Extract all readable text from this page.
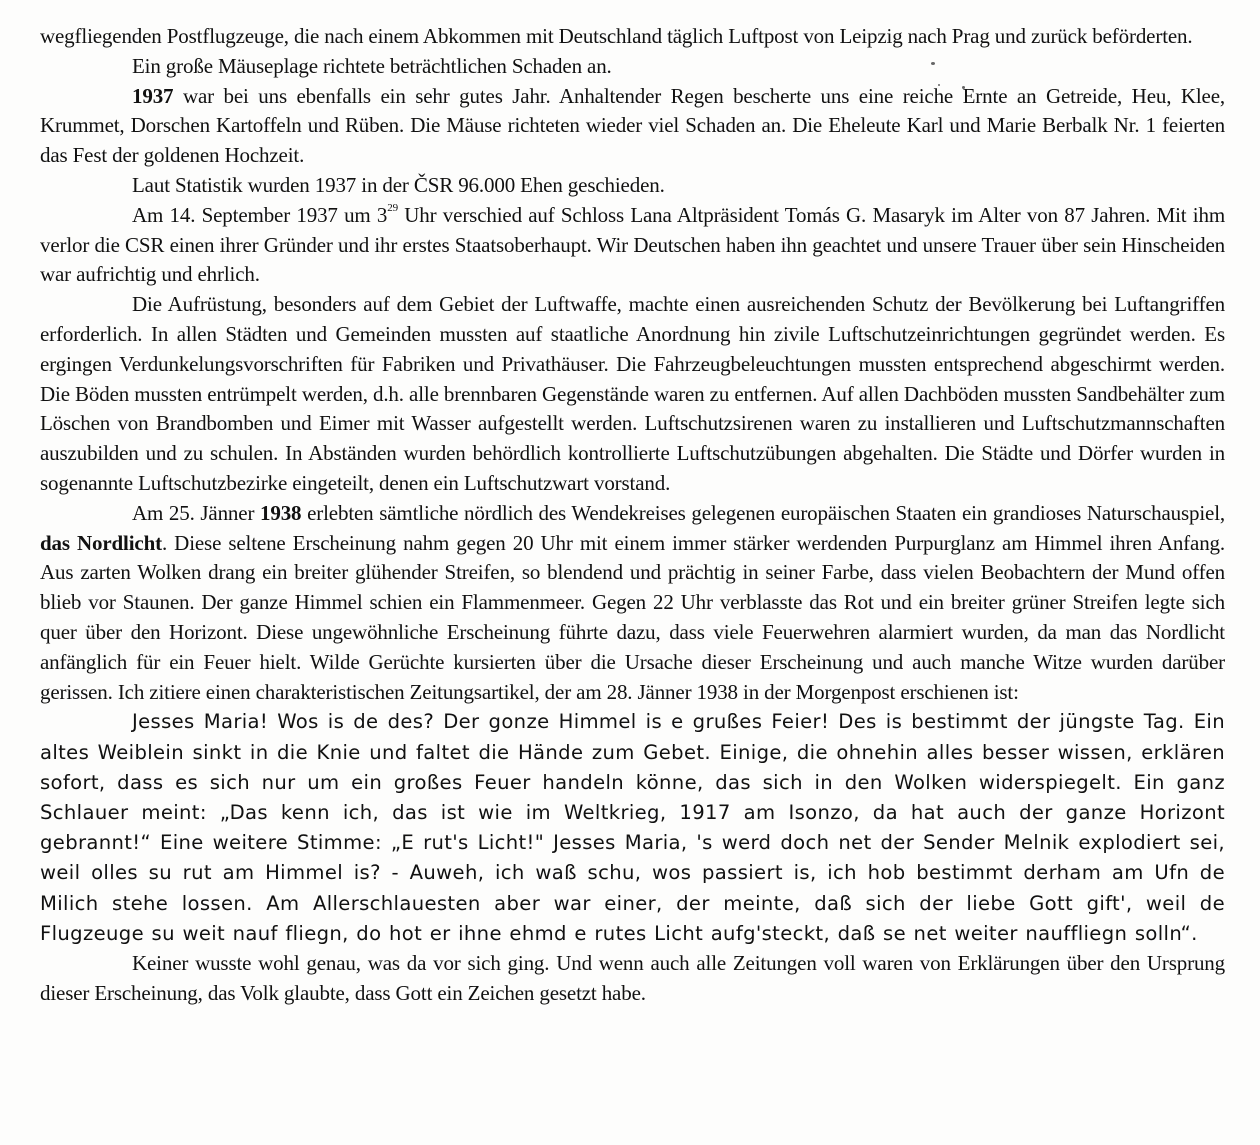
wegfliegenden Postflugzeuge, die nach einem Abkommen mit Deutschland täglich Luftpost von Leipzig nach Prag und zurück beförderten.

Ein große Mäuseplage richtete beträchtlichen Schaden an.

1937 war bei uns ebenfalls ein sehr gutes Jahr. Anhaltender Regen bescherte uns eine reiche Ernte an Getreide, Heu, Klee, Krummet, Dorschen Kartoffeln und Rüben. Die Mäuse richteten wieder viel Schaden an. Die Eheleute Karl und Marie Berbalk Nr. 1 feierten das Fest der goldenen Hochzeit.

Laut Statistik wurden 1937 in der ČSR 96.000 Ehen geschieden.

Am 14. September 1937 um $3^{29}$ Uhr verschied auf Schloss Lana Altpräsident Tomás G. Masaryk im Alter von 87 Jahren. Mit ihm verlor die CSR einen ihrer Gründer und ihr erstes Staatsoberhaupt. Wir Deutschen haben ihn geachtet und unsere Trauer über sein Hinscheiden war aufrichtig und ehrlich.

Die Aufrüstung, besonders auf dem Gebiet der Luftwaffe, machte einen ausreichenden Schutz der Bevölkerung bei Luftangriffen erforderlich. In allen Städten und Gemeinden mussten auf staatliche Anordnung hin zivile Luftschutzeinrichtungen gegründet werden. Es ergingen Verdunkelungsvorschriften für Fabriken und Privathäuser. Die Fahrzeugbeleuchtungen mussten entsprechend abgeschirmt werden. Die Böden mussten entrümpelt werden, d.h. alle brennbaren Gegenstände waren zu entfernen. Auf allen Dachböden mussten Sandbehälter zum Löschen von Brandbomben und Eimer mit Wasser aufgestellt werden. Luftschutzsirenen waren zu installieren und Luftschutzmannschaften auszubilden und zu schulen. In Abständen wurden behördlich kontrollierte Luftschutzübungen abgehalten. Die Städte und Dörfer wurden in sogenannte Luftschutzbezirke eingeteilt, denen ein Luftschutzwart vorstand.

Am 25. Jänner 1938 erlebten sämtliche nördlich des Wendekreises gelegenen europäischen Staaten ein grandioses Naturschauspiel, das Nordlicht. Diese seltene Erscheinung nahm gegen 20 Uhr mit einem immer stärker werdenden Purpurglanz am Himmel ihren Anfang. Aus zarten Wolken drang ein breiter glühender Streifen, so blendend und prächtig in seiner Farbe, dass vielen Beobachtern der Mund offen blieb vor Staunen. Der ganze Himmel schien ein Flammenmeer. Gegen 22 Uhr verblasste das Rot und ein breiter grüner Streifen legte sich quer über den Horizont. Diese ungewöhnliche Erscheinung führte dazu, dass viele Feuerwehren alarmiert wurden, da man das Nordlicht anfänglich für ein Feuer hielt. Wilde Gerüchte kursierten über die Ursache dieser Erscheinung und auch manche Witze wurden darüber gerissen. Ich zitiere einen charakteristischen Zeitungsartikel, der am 28. Jänner 1938 in der Morgenpost erschienen ist:

Jesses Maria! Wos is de des? Der gonze Himmel is e grußes Feier! Des is bestimmt der jüngste Tag. Ein altes Weiblein sinkt in die Knie und faltet die Hände zum Gebet. Einige, die ohnehin alles besser wissen, erklären sofort, dass es sich nur um ein großes Feuer handeln könne, das sich in den Wolken widerspiegelt. Ein ganz Schlauer meint: „Das kenn ich, das ist wie im Weltkrieg, 1917 am Isonzo, da hat auch der ganze Horizont gebrannt!“ Eine weitere Stimme: „E rut's Licht!" Jesses Maria, 's werd doch net der Sender Melnik explodiert sei, weil olles su rut am Himmel is? - Auweh, ich waß schu, wos passiert is, ich hob bestimmt derham am Ufn de Milich stehe lossen. Am Allerschlauesten aber war einer, der meinte, daß sich der liebe Gott gift', weil de Flugzeuge su weit nauf fliegn, do hot er ihne ehmd e rutes Licht aufg'steckt, daß se net weiter nauffliegn solln“.

Keiner wusste wohl genau, was da vor sich ging. Und wenn auch alle Zeitungen voll waren von Erklärungen über den Ursprung dieser Erscheinung, das Volk glaubte, dass Gott ein Zeichen gesetzt habe.
